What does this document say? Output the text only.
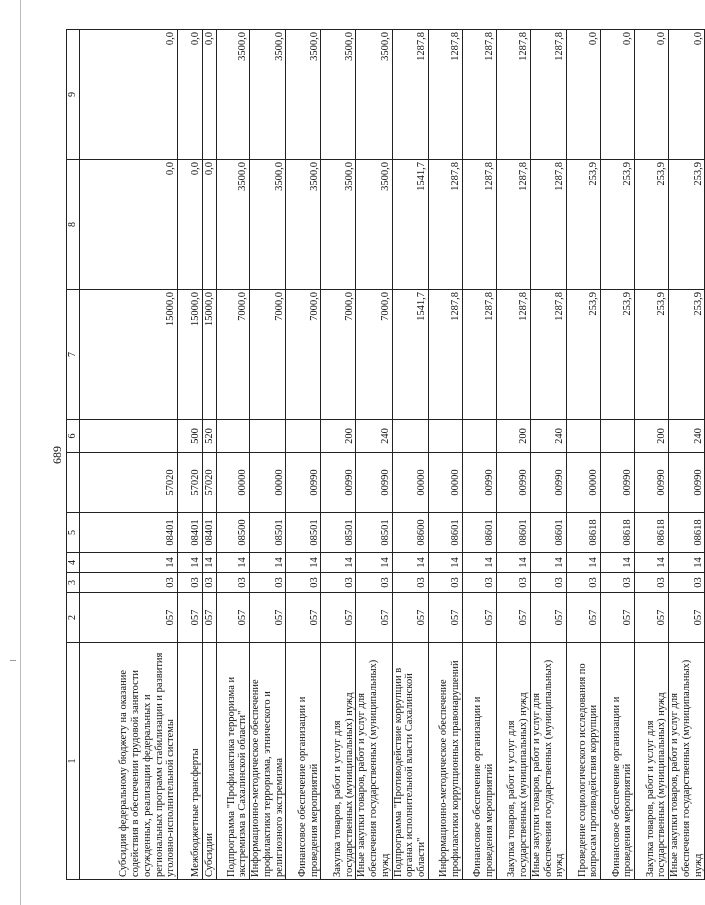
689
1	2	3	4	5		6	7	8	9
Субсидия федеральному бюджету на оказание содействия в обеспечении трудовой занятости осужденных, реализации федеральных и региональных программ стабилизации и развития уголовно-исполнительной системы	057	03	14	08401	57020		15000,0	0,0	0,0
Межбюджетные трансферты	057	03	14	08401	57020	500	15000,0	0,0	0,0
Субсидии	057	03	14	08401	57020	520	15000,0	0,0	0,0
Подпрограмма "Профилактика терроризма и экстремизма в Сахалинской области"	057	03	14	08500	00000		7000,0	3500,0	3500,0
Информационно-методическое обеспечение профилактики терроризма, этнического и религиозного экстремизма	057	03	14	08501	00000		7000,0	3500,0	3500,0
Финансовое обеспечение организации и проведения мероприятий	057	03	14	08501	00990		7000,0	3500,0	3500,0
Закупка товаров, работ и услуг для государственных (муниципальных) нужд	057	03	14	08501	00990	200	7000,0	3500,0	3500,0
Иные закупки товаров, работ и услуг для обеспечения государственных (муниципальных) нужд	057	03	14	08501	00990	240	7000,0	3500,0	3500,0
Подпрограмма "Противодействие коррупции в органах исполнительной власти Сахалинской области"	057	03	14	08600	00000		1541,7	1541,7	1287,8
Информационно-методическое обеспечение профилактики коррупционных правонарушений	057	03	14	08601	00000		1287,8	1287,8	1287,8
Финансовое обеспечение организации и проведения мероприятий	057	03	14	08601	00990		1287,8	1287,8	1287,8
Закупка товаров, работ и услуг для государственных (муниципальных) нужд	057	03	14	08601	00990	200	1287,8	1287,8	1287,8
Иные закупки товаров, работ и услуг для обеспечения государственных (муниципальных) нужд	057	03	14	08601	00990	240	1287,8	1287,8	1287,8
Проведение социологического исследования по вопросам противодействия коррупции	057	03	14	08618	00000		253,9	253,9	0,0
Финансовое обеспечение организации и проведения мероприятий	057	03	14	08618	00990		253,9	253,9	0,0
Закупка товаров, работ и услуг для государственных (муниципальных) нужд	057	03	14	08618	00990	200	253,9	253,9	0,0
Иные закупки товаров, работ и услуг для обеспечения государственных (муниципальных) нужд	057	03	14	08618	00990	240	253,9	253,9	0,0
